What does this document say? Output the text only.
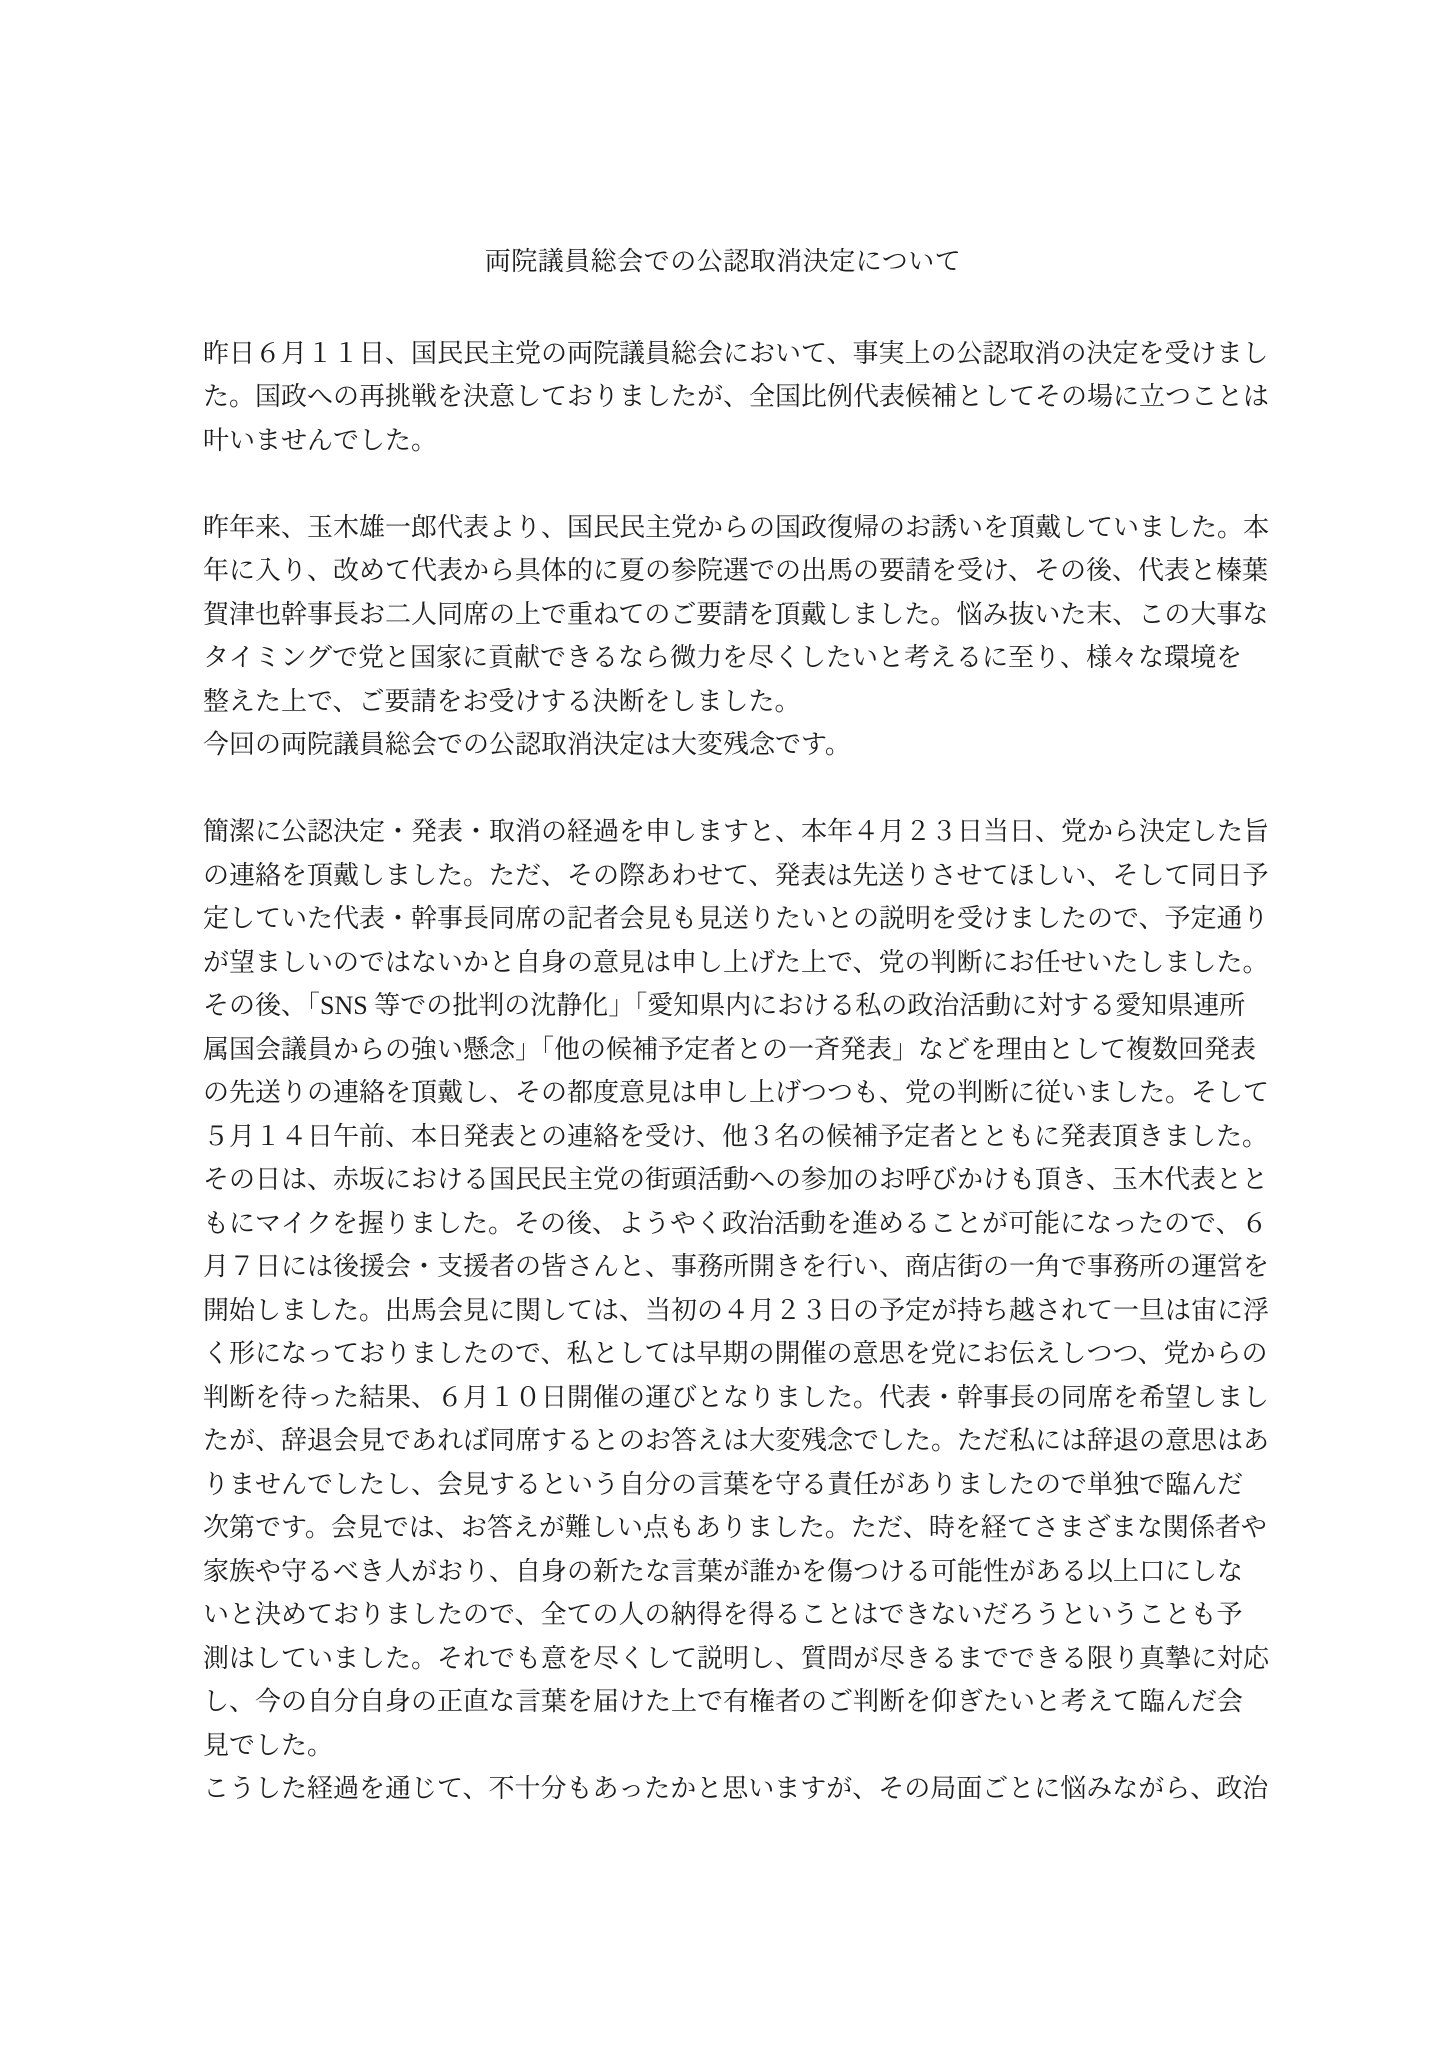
両院議員総会での公認取消決定について
昨日６月１１日、国民民主党の両院議員総会において、事実上の公認取消の決定を受けまし
た。国政への再挑戦を決意しておりましたが、全国比例代表候補としてその場に立つことは
叶いませんでした。
昨年来、玉木雄一郎代表より、国民民主党からの国政復帰のお誘いを頂戴していました。本
年に入り、改めて代表から具体的に夏の参院選での出馬の要請を受け、その後、代表と榛葉
賀津也幹事長お二人同席の上で重ねてのご要請を頂戴しました。悩み抜いた末、この大事な
タイミングで党と国家に貢献できるなら微力を尽くしたいと考えるに至り、様々な環境を
整えた上で、ご要請をお受けする決断をしました。
今回の両院議員総会での公認取消決定は大変残念です。
簡潔に公認決定・発表・取消の経過を申しますと、本年４月２３日当日、党から決定した旨
の連絡を頂戴しました。ただ、その際あわせて、発表は先送りさせてほしい、そして同日予
定していた代表・幹事長同席の記者会見も見送りたいとの説明を受けましたので、予定通り
が望ましいのではないかと自身の意見は申し上げた上で、党の判断にお任せいたしました。
その後、「SNS 等での批判の沈静化」「愛知県内における私の政治活動に対する愛知県連所
属国会議員からの強い懸念」「他の候補予定者との一斉発表」などを理由として複数回発表
の先送りの連絡を頂戴し、その都度意見は申し上げつつも、党の判断に従いました。そして
５月１４日午前、本日発表との連絡を受け、他３名の候補予定者とともに発表頂きました。
その日は、赤坂における国民民主党の街頭活動への参加のお呼びかけも頂き、玉木代表とと
もにマイクを握りました。その後、ようやく政治活動を進めることが可能になったので、６
月７日には後援会・支援者の皆さんと、事務所開きを行い、商店街の一角で事務所の運営を
開始しました。出馬会見に関しては、当初の４月２３日の予定が持ち越されて一旦は宙に浮
く形になっておりましたので、私としては早期の開催の意思を党にお伝えしつつ、党からの
判断を待った結果、６月１０日開催の運びとなりました。代表・幹事長の同席を希望しまし
たが、辞退会見であれば同席するとのお答えは大変残念でした。ただ私には辞退の意思はあ
りませんでしたし、会見するという自分の言葉を守る責任がありましたので単独で臨んだ
次第です。会見では、お答えが難しい点もありました。ただ、時を経てさまざまな関係者や
家族や守るべき人がおり、自身の新たな言葉が誰かを傷つける可能性がある以上口にしな
いと決めておりましたので、全ての人の納得を得ることはできないだろうということも予
測はしていました。それでも意を尽くして説明し、質問が尽きるまでできる限り真摯に対応
し、今の自分自身の正直な言葉を届けた上で有権者のご判断を仰ぎたいと考えて臨んだ会
見でした。
こうした経過を通じて、不十分もあったかと思いますが、その局面ごとに悩みながら、政治
